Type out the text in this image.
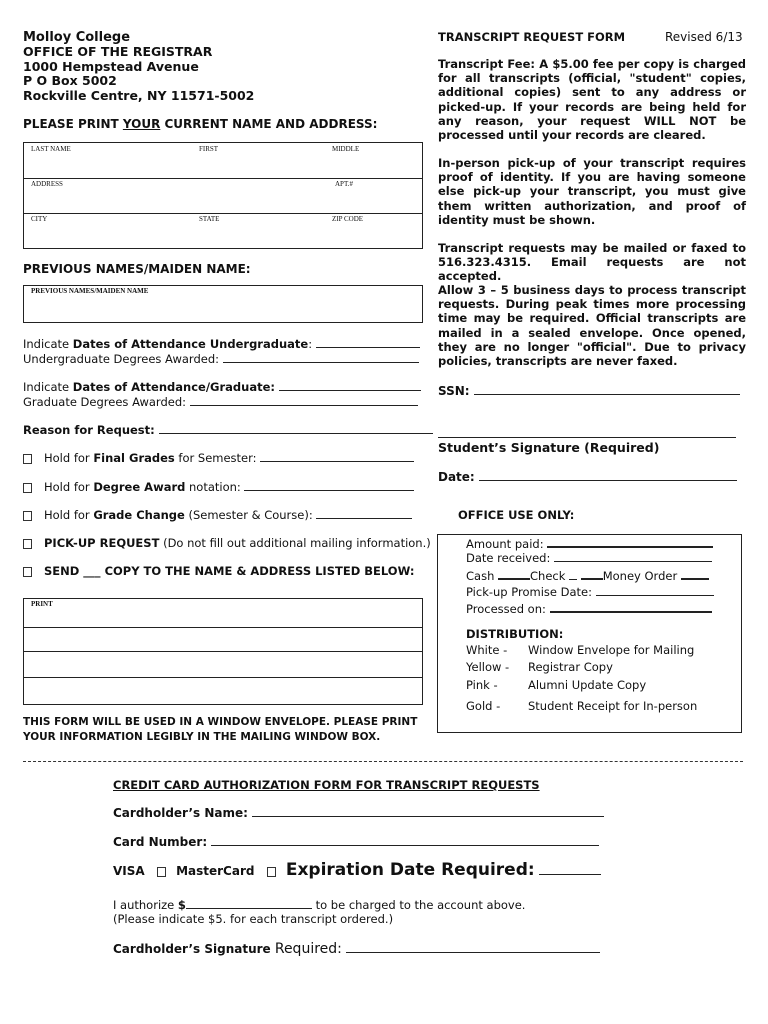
Molloy College
OFFICE OF THE REGISTRAR
1000 Hempstead Avenue
P O Box 5002
Rockville Centre, NY 11571-5002
TRANSCRIPT REQUEST FORM	Revised 6/13
PLEASE PRINT YOUR CURRENT NAME AND ADDRESS:
LAST NAME	FIRST	MIDDLE
ADDRESS	APT.#
CITY	STATE	ZIP CODE
PREVIOUS NAMES/MAIDEN NAME:
PREVIOUS NAMES/MAIDEN NAME
Indicate Dates of Attendance Undergraduate:
Undergraduate Degrees Awarded:
Indicate Dates of Attendance/Graduate:
Graduate Degrees Awarded:
Reason for Request:
Hold for Final Grades for Semester:
Hold for Degree Award notation:
Hold for Grade Change (Semester & Course):
PICK-UP REQUEST (Do not fill out additional mailing information.)
SEND ___ COPY TO THE NAME & ADDRESS LISTED BELOW:
PRINT
THIS FORM WILL BE USED IN A WINDOW ENVELOPE. PLEASE PRINT
YOUR INFORMATION LEGIBLY IN THE MAILING WINDOW BOX.
Transcript Fee: A $5.00 fee per copy is charged for all transcripts (official, "student" copies, additional copies) sent to any address or picked-up. If your records are being held for any reason, your request WILL NOT be processed until your records are cleared.
In-person pick-up of your transcript requires proof of identity. If you are having someone else pick-up your transcript, you must give them written authorization, and proof of identity must be shown.
Transcript requests may be mailed or faxed to 516.323.4315. Email requests are not accepted.
Allow 3 – 5 business days to process transcript requests. During peak times more processing time may be required. Official transcripts are mailed in a sealed envelope. Once opened, they are no longer "official". Due to privacy policies, transcripts are never faxed.
SSN:
Student’s Signature (Required)
Date:
OFFICE USE ONLY:
Amount paid:
Date received:
Cash	Check	Money Order
Pick-up Promise Date:
Processed on:
DISTRIBUTION:
White - Window Envelope for Mailing
Yellow - Registrar Copy
Pink -	Alumni Update Copy
Gold - Student Receipt for In-person
CREDIT CARD AUTHORIZATION FORM FOR TRANSCRIPT REQUESTS
Cardholder’s Name:
Card Number:
VISA	MasterCard Expiration Date Required:
I authorize $	to be charged to the account above.
(Please indicate $5. for each transcript ordered.)
Cardholder’s Signature Required:
